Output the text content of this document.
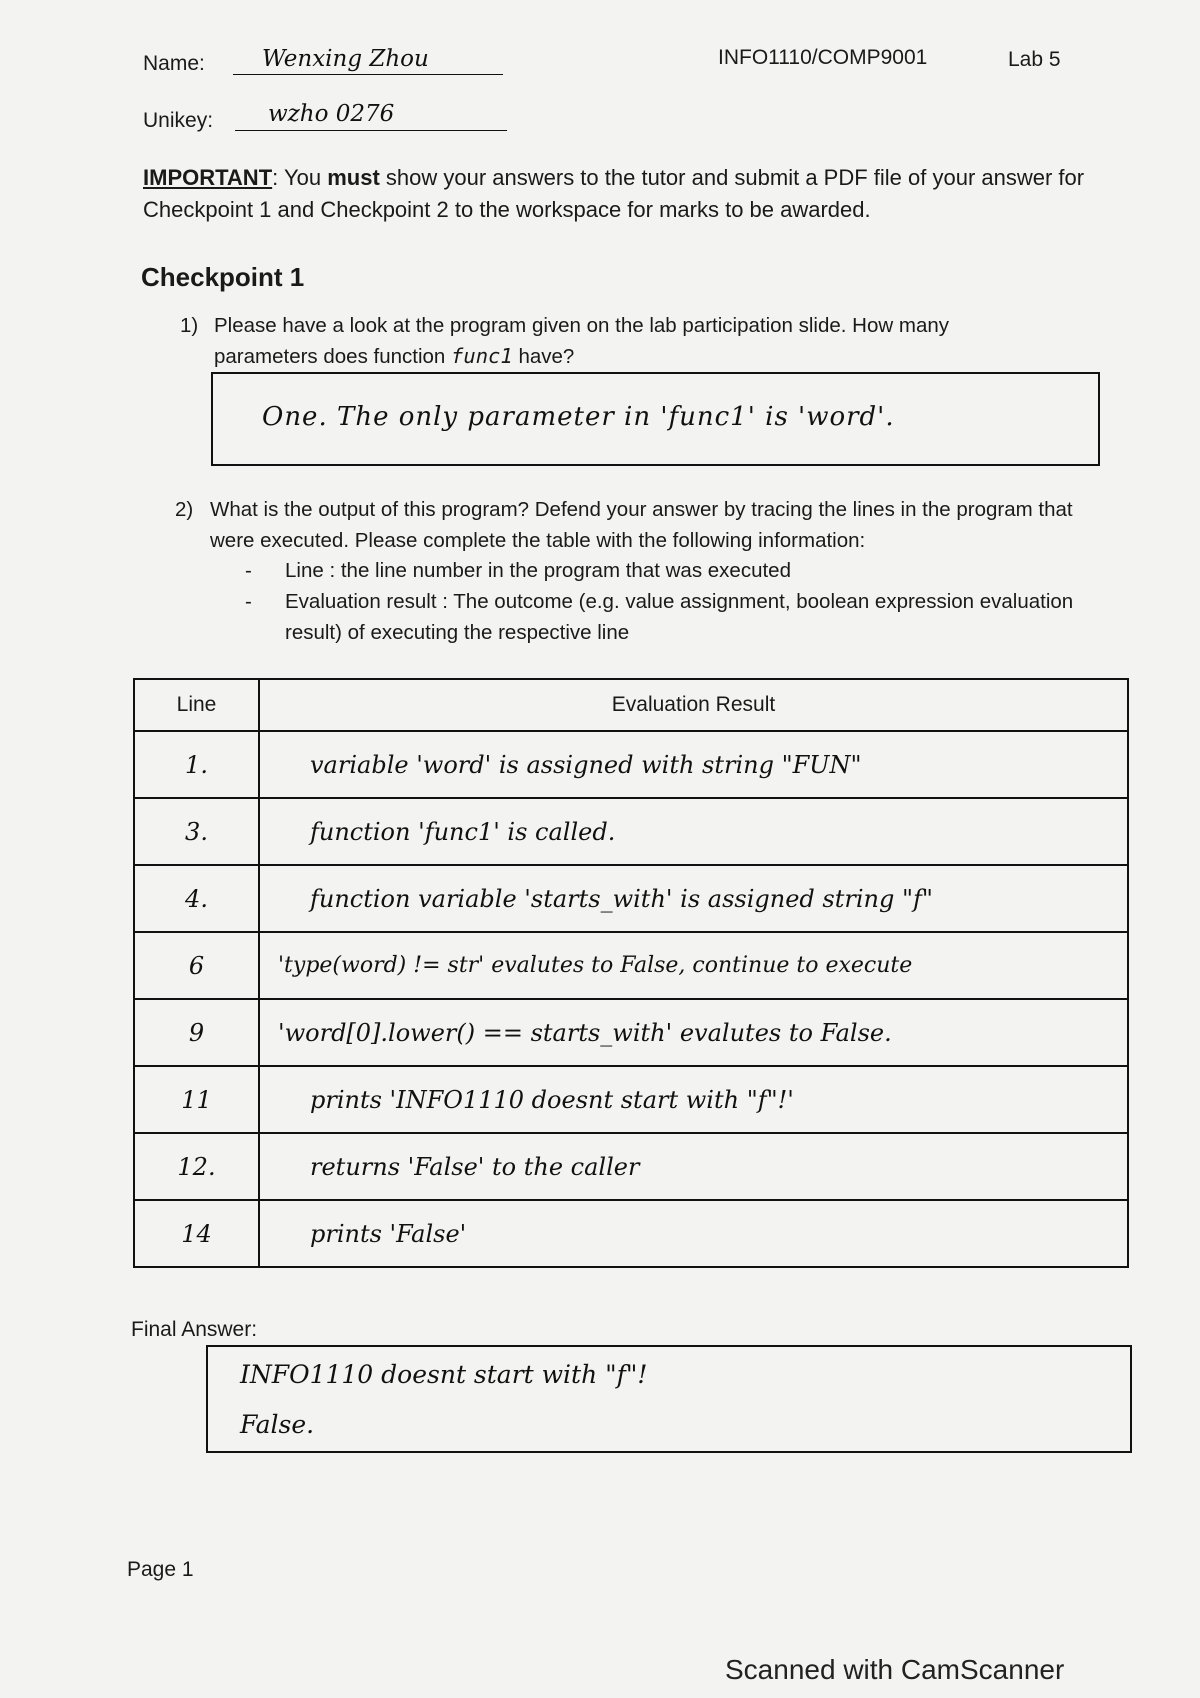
Name: Wenxing Zhou
Unikey: wzho 0276
INFO1110/COMP9001	Lab 5
IMPORTANT: You must show your answers to the tutor and submit a PDF file of your answer for Checkpoint 1 and Checkpoint 2 to the workspace for marks to be awarded.
Checkpoint 1
1) Please have a look at the program given on the lab participation slide. How many parameters does function func1 have?
One. The only parameter in 'func1' is 'word'.
2) What is the output of this program? Defend your answer by tracing the lines in the program that were executed. Please complete the table with the following information:
- Line : the line number in the program that was executed
- Evaluation result : The outcome (e.g. value assignment, boolean expression evaluation result) of executing the respective line
Line	Evaluation Result
1.	variable 'word' is assigned with string "FUN"
3.	function 'func1' is called.
4.	function variable 'starts_with' is assigned string "f"
6	'type(word) != str' evalutes to False, continue to execute
9	'word[0].lower() == starts_with' evalutes to False.
11	prints 'INFO1110 doesnt start with "f"!'
12.	returns 'False' to the caller
14	prints 'False'
Final Answer:
INFO1110 doesnt start with "f"!
False.
Page 1
Scanned with CamScanner
